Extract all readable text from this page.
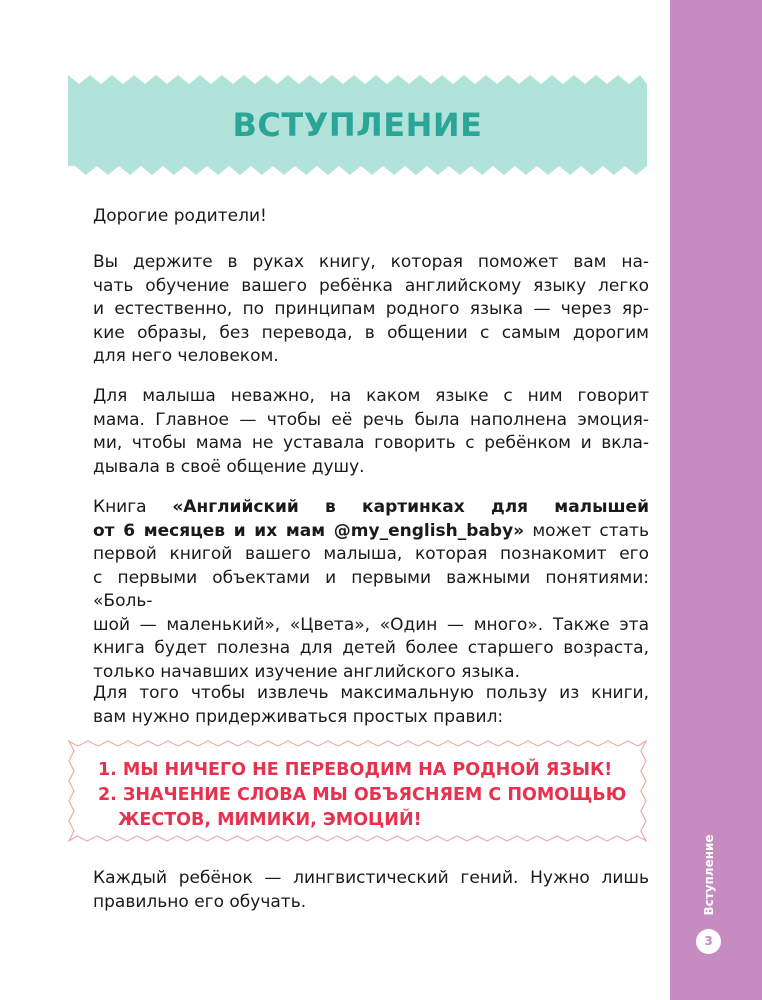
Вступление
3
ВСТУПЛЕНИЕ

Дорогие родители!

Вы держите в руках книгу, которая поможет вам на-
чать обучение вашего ребёнка английскому языку легко
и естественно, по принципам родного языка — через яр-
кие образы, без перевода, в общении с самым дорогим
для него человеком.

Для малыша неважно, на каком языке с ним говорит
мама. Главное — чтобы её речь была наполнена эмоция-
ми, чтобы мама не уставала говорить с ребёнком и вкла-
дывала в своё общение душу.

Книга «Английский в картинках для малышей
от 6 месяцев и их мам @my_english_baby» может стать
первой книгой вашего малыша, которая познакомит его
с первыми объектами и первыми важными понятиями: «Боль-
шой — маленький», «Цвета», «Один — много». Также эта
книга будет полезна для детей более старшего возраста,
только начавших изучение английского языка.

Для того чтобы извлечь максимальную пользу из книги,
вам нужно придерживаться простых правил:

1. МЫ НИЧЕГО НЕ ПЕРЕВОДИМ НА РОДНОЙ ЯЗЫК!
2. ЗНАЧЕНИЕ СЛОВА МЫ ОБЪЯСНЯЕМ С ПОМОЩЬЮ
ЖЕСТОВ, МИМИКИ, ЭМОЦИЙ!

Каждый ребёнок — лингвистический гений. Нужно лишь
правильно его обучать.
